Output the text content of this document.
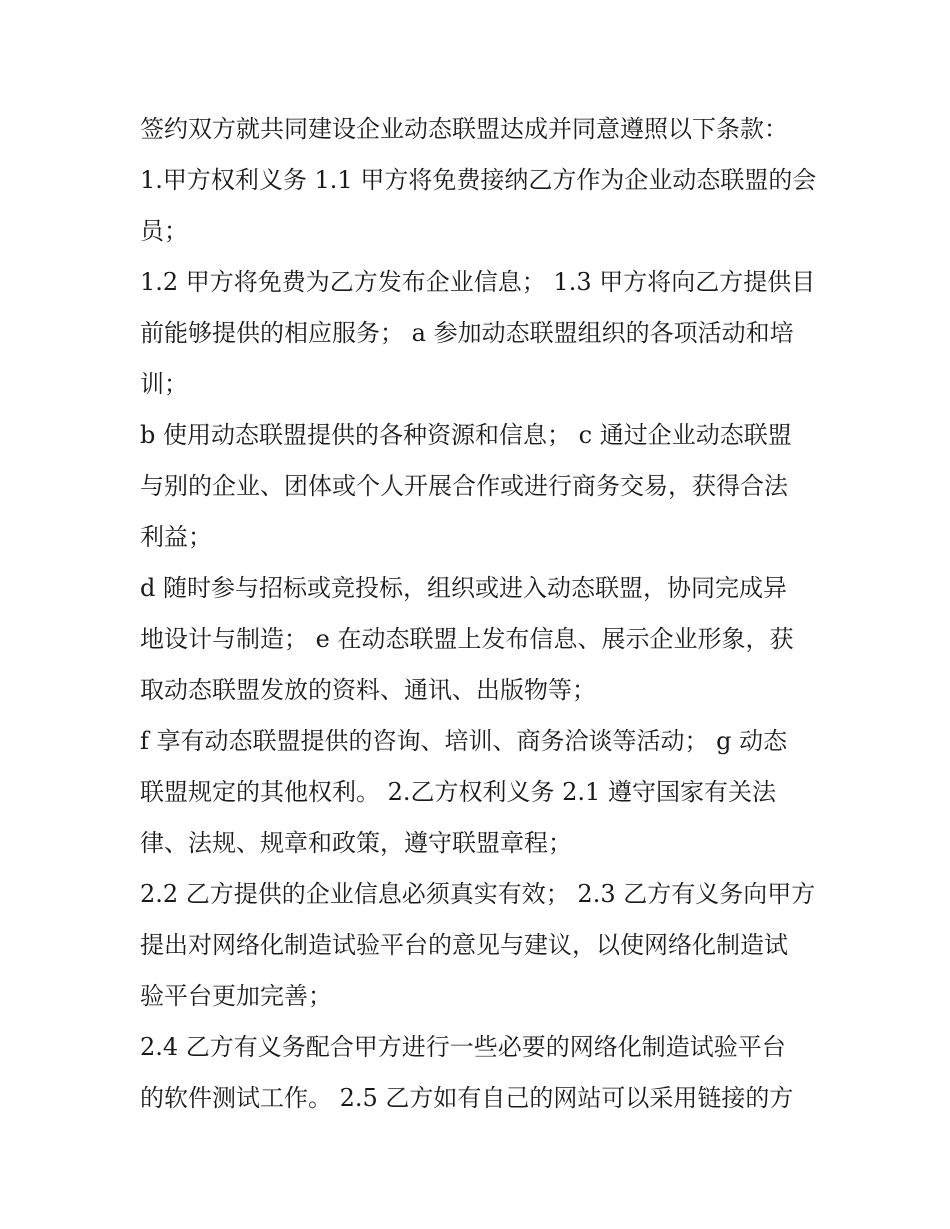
签约双方就共同建设企业动态联盟达成并同意遵照以下条款：
1.甲方权利义务 1.1 甲方将免费接纳乙方作为企业动态联盟的会
员；
1.2 甲方将免费为乙方发布企业信息； 1.3 甲方将向乙方提供目
前能够提供的相应服务； a 参加动态联盟组织的各项活动和培
训；
b 使用动态联盟提供的各种资源和信息； c 通过企业动态联盟
与别的企业、团体或个人开展合作或进行商务交易，获得合法
利益；
d 随时参与招标或竞投标，组织或进入动态联盟，协同完成异
地设计与制造； e 在动态联盟上发布信息、展示企业形象，获
取动态联盟发放的资料、通讯、出版物等；
f 享有动态联盟提供的咨询、培训、商务洽谈等活动； g 动态
联盟规定的其他权利。 2.乙方权利义务 2.1 遵守国家有关法
律、法规、规章和政策，遵守联盟章程；
2.2 乙方提供的企业信息必须真实有效； 2.3 乙方有义务向甲方
提出对网络化制造试验平台的意见与建议，以使网络化制造试
验平台更加完善；
2.4 乙方有义务配合甲方进行一些必要的网络化制造试验平台
的软件测试工作。 2.5 乙方如有自己的网站可以采用链接的方
